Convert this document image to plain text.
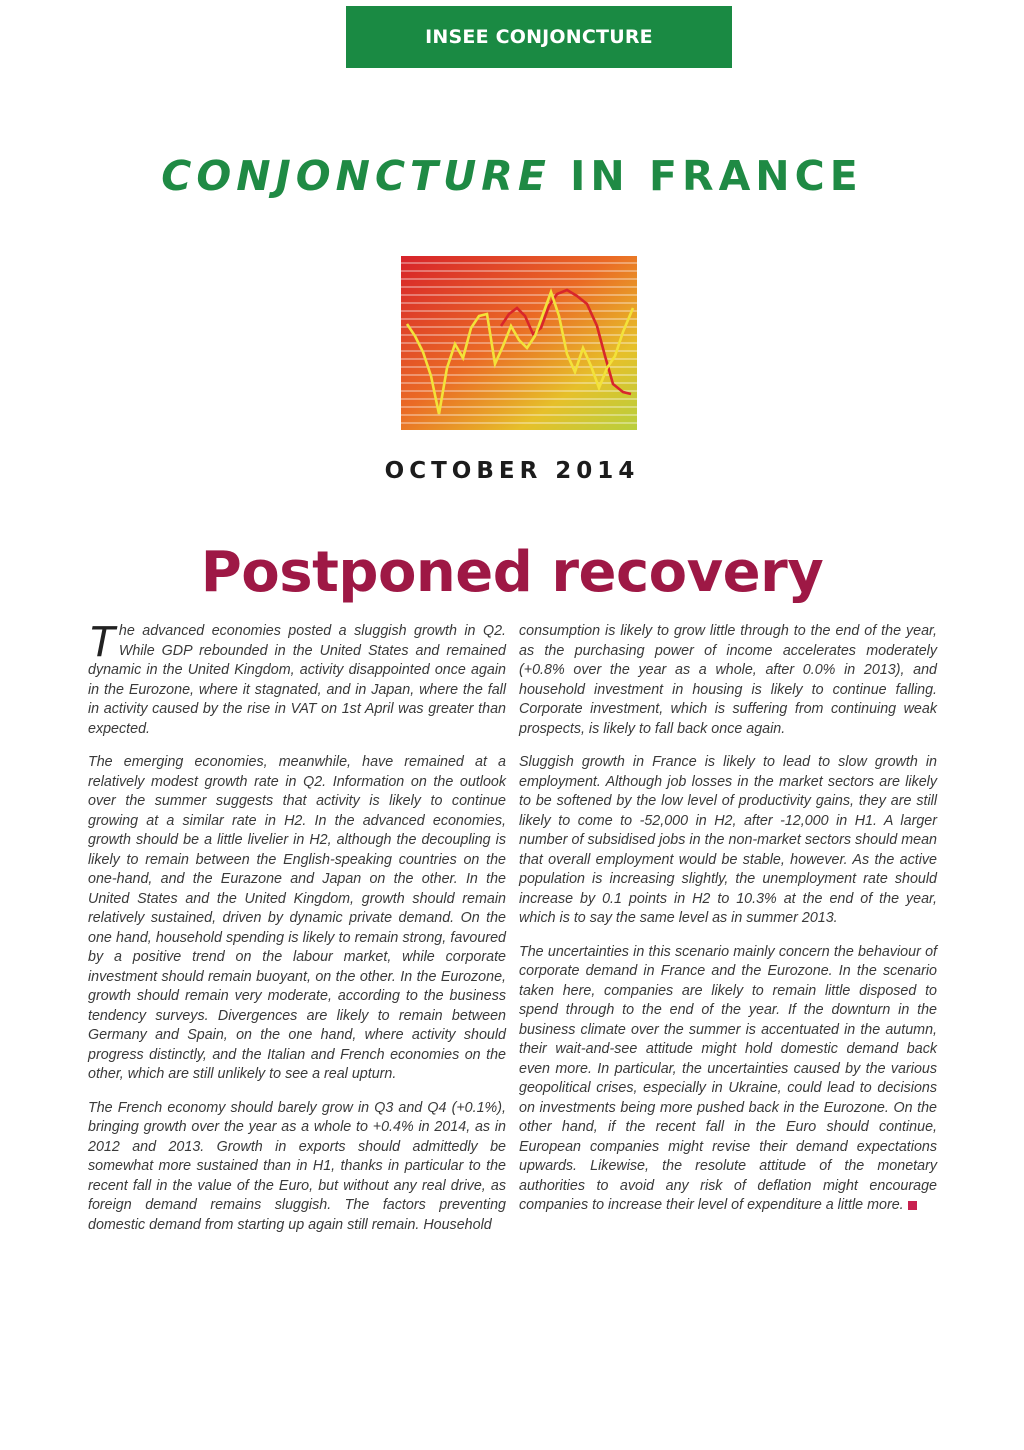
INSEE CONJONCTURE
CONJONCTURE IN FRANCE
OCTOBER 2014
Postponed recovery

The advanced economies posted a sluggish growth in Q2. While GDP rebounded in the United States and remained dynamic in the United Kingdom, activity disappointed once again in the Eurozone, where it stagnated, and in Japan, where the fall in activity caused by the rise in VAT on 1st April was greater than expected.

The emerging economies, meanwhile, have remained at a relatively modest growth rate in Q2. Information on the outlook over the summer suggests that activity is likely to continue growing at a similar rate in H2. In the advanced economies, growth should be a little livelier in H2, although the decoupling is likely to remain between the English-speaking countries on the one-hand, and the Eurazone and Japan on the other. In the United States and the United Kingdom, growth should remain relatively sustained, driven by dynamic private demand. On the one hand, household spending is likely to remain strong, favoured by a positive trend on the labour market, while corporate investment should remain buoyant, on the other. In the Eurozone, growth should remain very moderate, according to the business tendency surveys. Divergences are likely to remain between Germany and Spain, on the one hand, where activity should progress distinctly, and the Italian and French economies on the other, which are still unlikely to see a real upturn.

The French economy should barely grow in Q3 and Q4 (+0.1%), bringing growth over the year as a whole to +0.4% in 2014, as in 2012 and 2013. Growth in exports should admittedly be somewhat more sustained than in H1, thanks in particular to the recent fall in the value of the Euro, but without any real drive, as foreign demand remains sluggish. The factors preventing domestic demand from starting up again still remain. Household

consumption is likely to grow little through to the end of the year, as the purchasing power of income accelerates moderately (+0.8% over the year as a whole, after 0.0% in 2013), and household investment in housing is likely to continue falling. Corporate investment, which is suffering from continuing weak prospects, is likely to fall back once again.

Sluggish growth in France is likely to lead to slow growth in employment. Although job losses in the market sectors are likely to be softened by the low level of productivity gains, they are still likely to come to -52,000 in H2, after -12,000 in H1. A larger number of subsidised jobs in the non-market sectors should mean that overall employment would be stable, however. As the active population is increasing slightly, the unemployment rate should increase by 0.1 points in H2 to 10.3% at the end of the year, which is to say the same level as in summer 2013.

The uncertainties in this scenario mainly concern the behaviour of corporate demand in France and the Eurozone. In the scenario taken here, companies are likely to remain little disposed to spend through to the end of the year. If the downturn in the business climate over the summer is accentuated in the autumn, their wait-and-see attitude might hold domestic demand back even more. In particular, the uncertainties caused by the various geopolitical crises, especially in Ukraine, could lead to decisions on investments being more pushed back in the Eurozone. On the other hand, if the recent fall in the Euro should continue, European companies might revise their demand expectations upwards. Likewise, the resolute attitude of the monetary authorities to avoid any risk of deflation might encourage companies to increase their level of expenditure a little more.
